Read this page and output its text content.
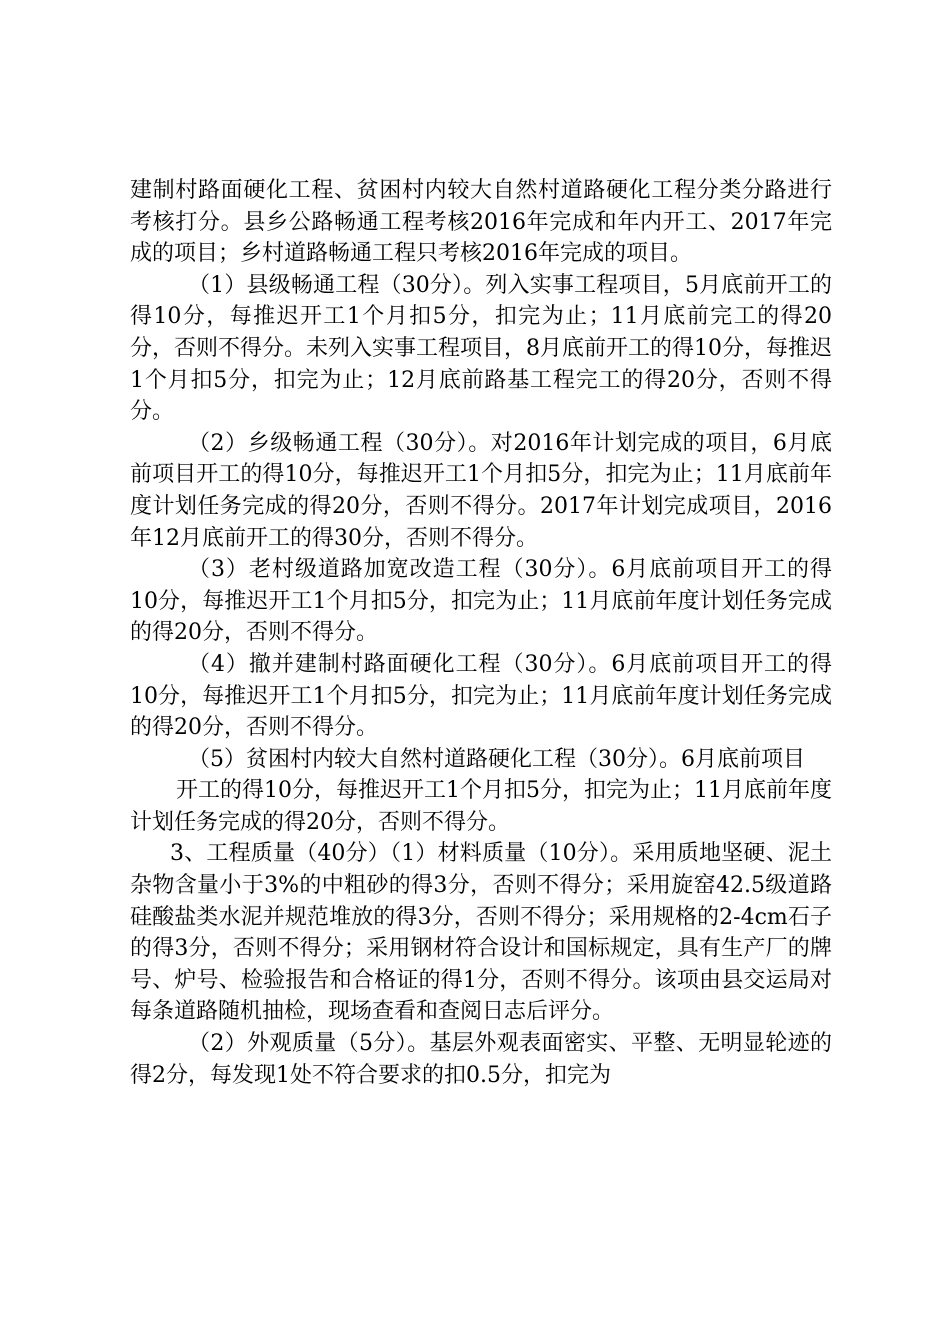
建制村路面硬化工程、贫困村内较大自然村道路硬化工程分类分路进行考核打分。县乡公路畅通工程考核2016年完成和年内开工、2017年完成的项目；乡村道路畅通工程只考核2016年完成的项目。

（1）县级畅通工程（30分）。列入实事工程项目，5月底前开工的得10分，每推迟开工1个月扣5分，扣完为止；11月底前完工的得20分，否则不得分。未列入实事工程项目，8月底前开工的得10分，每推迟1个月扣5分，扣完为止；12月底前路基工程完工的得20分，否则不得分。

（2）乡级畅通工程（30分）。对2016年计划完成的项目，6月底前项目开工的得10分，每推迟开工1个月扣5分，扣完为止；11月底前年度计划任务完成的得20分，否则不得分。2017年计划完成项目，2016年12月底前开工的得30分，否则不得分。

（3）老村级道路加宽改造工程（30分）。6月底前项目开工的得10分，每推迟开工1个月扣5分，扣完为止；11月底前年度计划任务完成的得20分，否则不得分。

（4）撤并建制村路面硬化工程（30分）。6月底前项目开工的得10分，每推迟开工1个月扣5分，扣完为止；11月底前年度计划任务完成的得20分，否则不得分。

（5）贫困村内较大自然村道路硬化工程（30分）。6月底前项目

开工的得10分，每推迟开工1个月扣5分，扣完为止；11月底前年度计划任务完成的得20分，否则不得分。

3、工程质量（40分）（1）材料质量（10分）。采用质地坚硬、泥土杂物含量小于3%的中粗砂的得3分，否则不得分；采用旋窑42.5级道路硅酸盐类水泥并规范堆放的得3分，否则不得分；采用规格的2-4cm石子的得3分，否则不得分；采用钢材符合设计和国标规定，具有生产厂的牌号、炉号、检验报告和合格证的得1分，否则不得分。该项由县交运局对每条道路随机抽检，现场查看和查阅日志后评分。

（2）外观质量（5分）。基层外观表面密实、平整、无明显轮迹的得2分，每发现1处不符合要求的扣0.5分，扣完为
